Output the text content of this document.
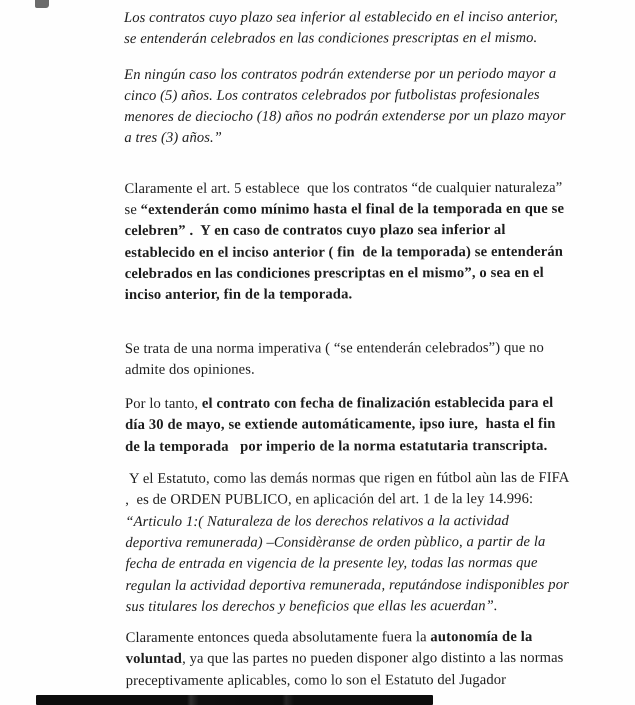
Los contratos cuyo plazo sea inferior al establecido en el inciso anterior, se entenderán celebrados en las condiciones prescriptas en el mismo.

En ningún caso los contratos podrán extenderse por un periodo mayor a cinco (5) años. Los contratos celebrados por futbolistas profesionales menores de dieciocho (18) años no podrán extenderse por un plazo mayor a tres (3) años.”

Claramente el art. 5 establece  que los contratos “de cualquier naturaleza”  se “extenderán como mínimo hasta el final de la temporada en que se celebren” .  Y en caso de contratos cuyo plazo sea inferior al establecido en el inciso anterior ( fin  de la temporada) se entenderán celebrados en las condiciones prescriptas en el mismo”, o sea en el inciso anterior, fin de la temporada.

Se trata de una norma imperativa ( “se entenderán celebrados”) que no admite dos opiniones.

Por lo tanto, el contrato con fecha de finalización establecida para el día 30 de mayo, se extiende automáticamente, ipso iure,  hasta el fin de la temporada   por imperio de la norma estatutaria transcripta.

Y el Estatuto, como las demás normas que rigen en fútbol aùn las de FIFA ,  es de ORDEN PUBLICO, en aplicación del art. 1 de la ley 14.996: “Articulo 1:( Naturaleza de los derechos relativos a la actividad deportiva remunerada) –Considèranse de orden pùblico, a partir de la fecha de entrada en vigencia de la presente ley, todas las normas que regulan la actividad deportiva remunerada, reputándose indisponibles por sus titulares los derechos y beneficios que ellas les acuerdan”.

Claramente entonces queda absolutamente fuera la autonomía de la voluntad, ya que las partes no pueden disponer algo distinto a las normas preceptivamente aplicables, como lo son el Estatuto del Jugador
